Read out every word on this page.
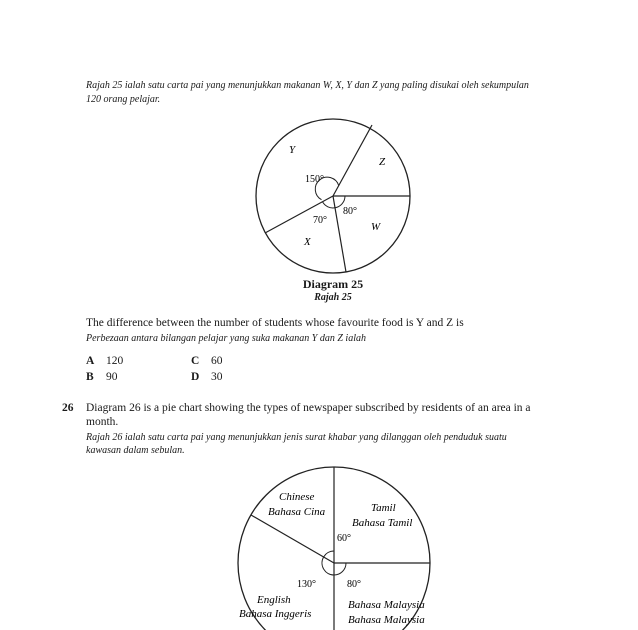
Rajah 25 ialah satu carta pai yang menunjukkan makanan W, X, Y dan Z yang paling disukai oleh sekumpulan
120 orang pelajar.
Y
Z
W
X
150°
80°
70°
Chinese
Bahasa Cina	Tamil
Bahasa Tamil
60°
130°	80°
English
Bahasa Inggeris
Bahasa Malaysia
Bahasa Malaysia
Diagram 25
Rajah 25
The difference between the number of students whose favourite food is Y and Z is
Perbezaan antara bilangan pelajar yang suka makanan Y dan Z ialah
A 120
B 90
C 60
D 30
26 Diagram 26 is a pie chart showing the types of newspaper subscribed by residents of an area in a
month.
Rajah 26 ialah satu carta pai yang menunjukkan jenis surat khabar yang dilanggan oleh penduduk suatu
kawasan dalam sebulan.
